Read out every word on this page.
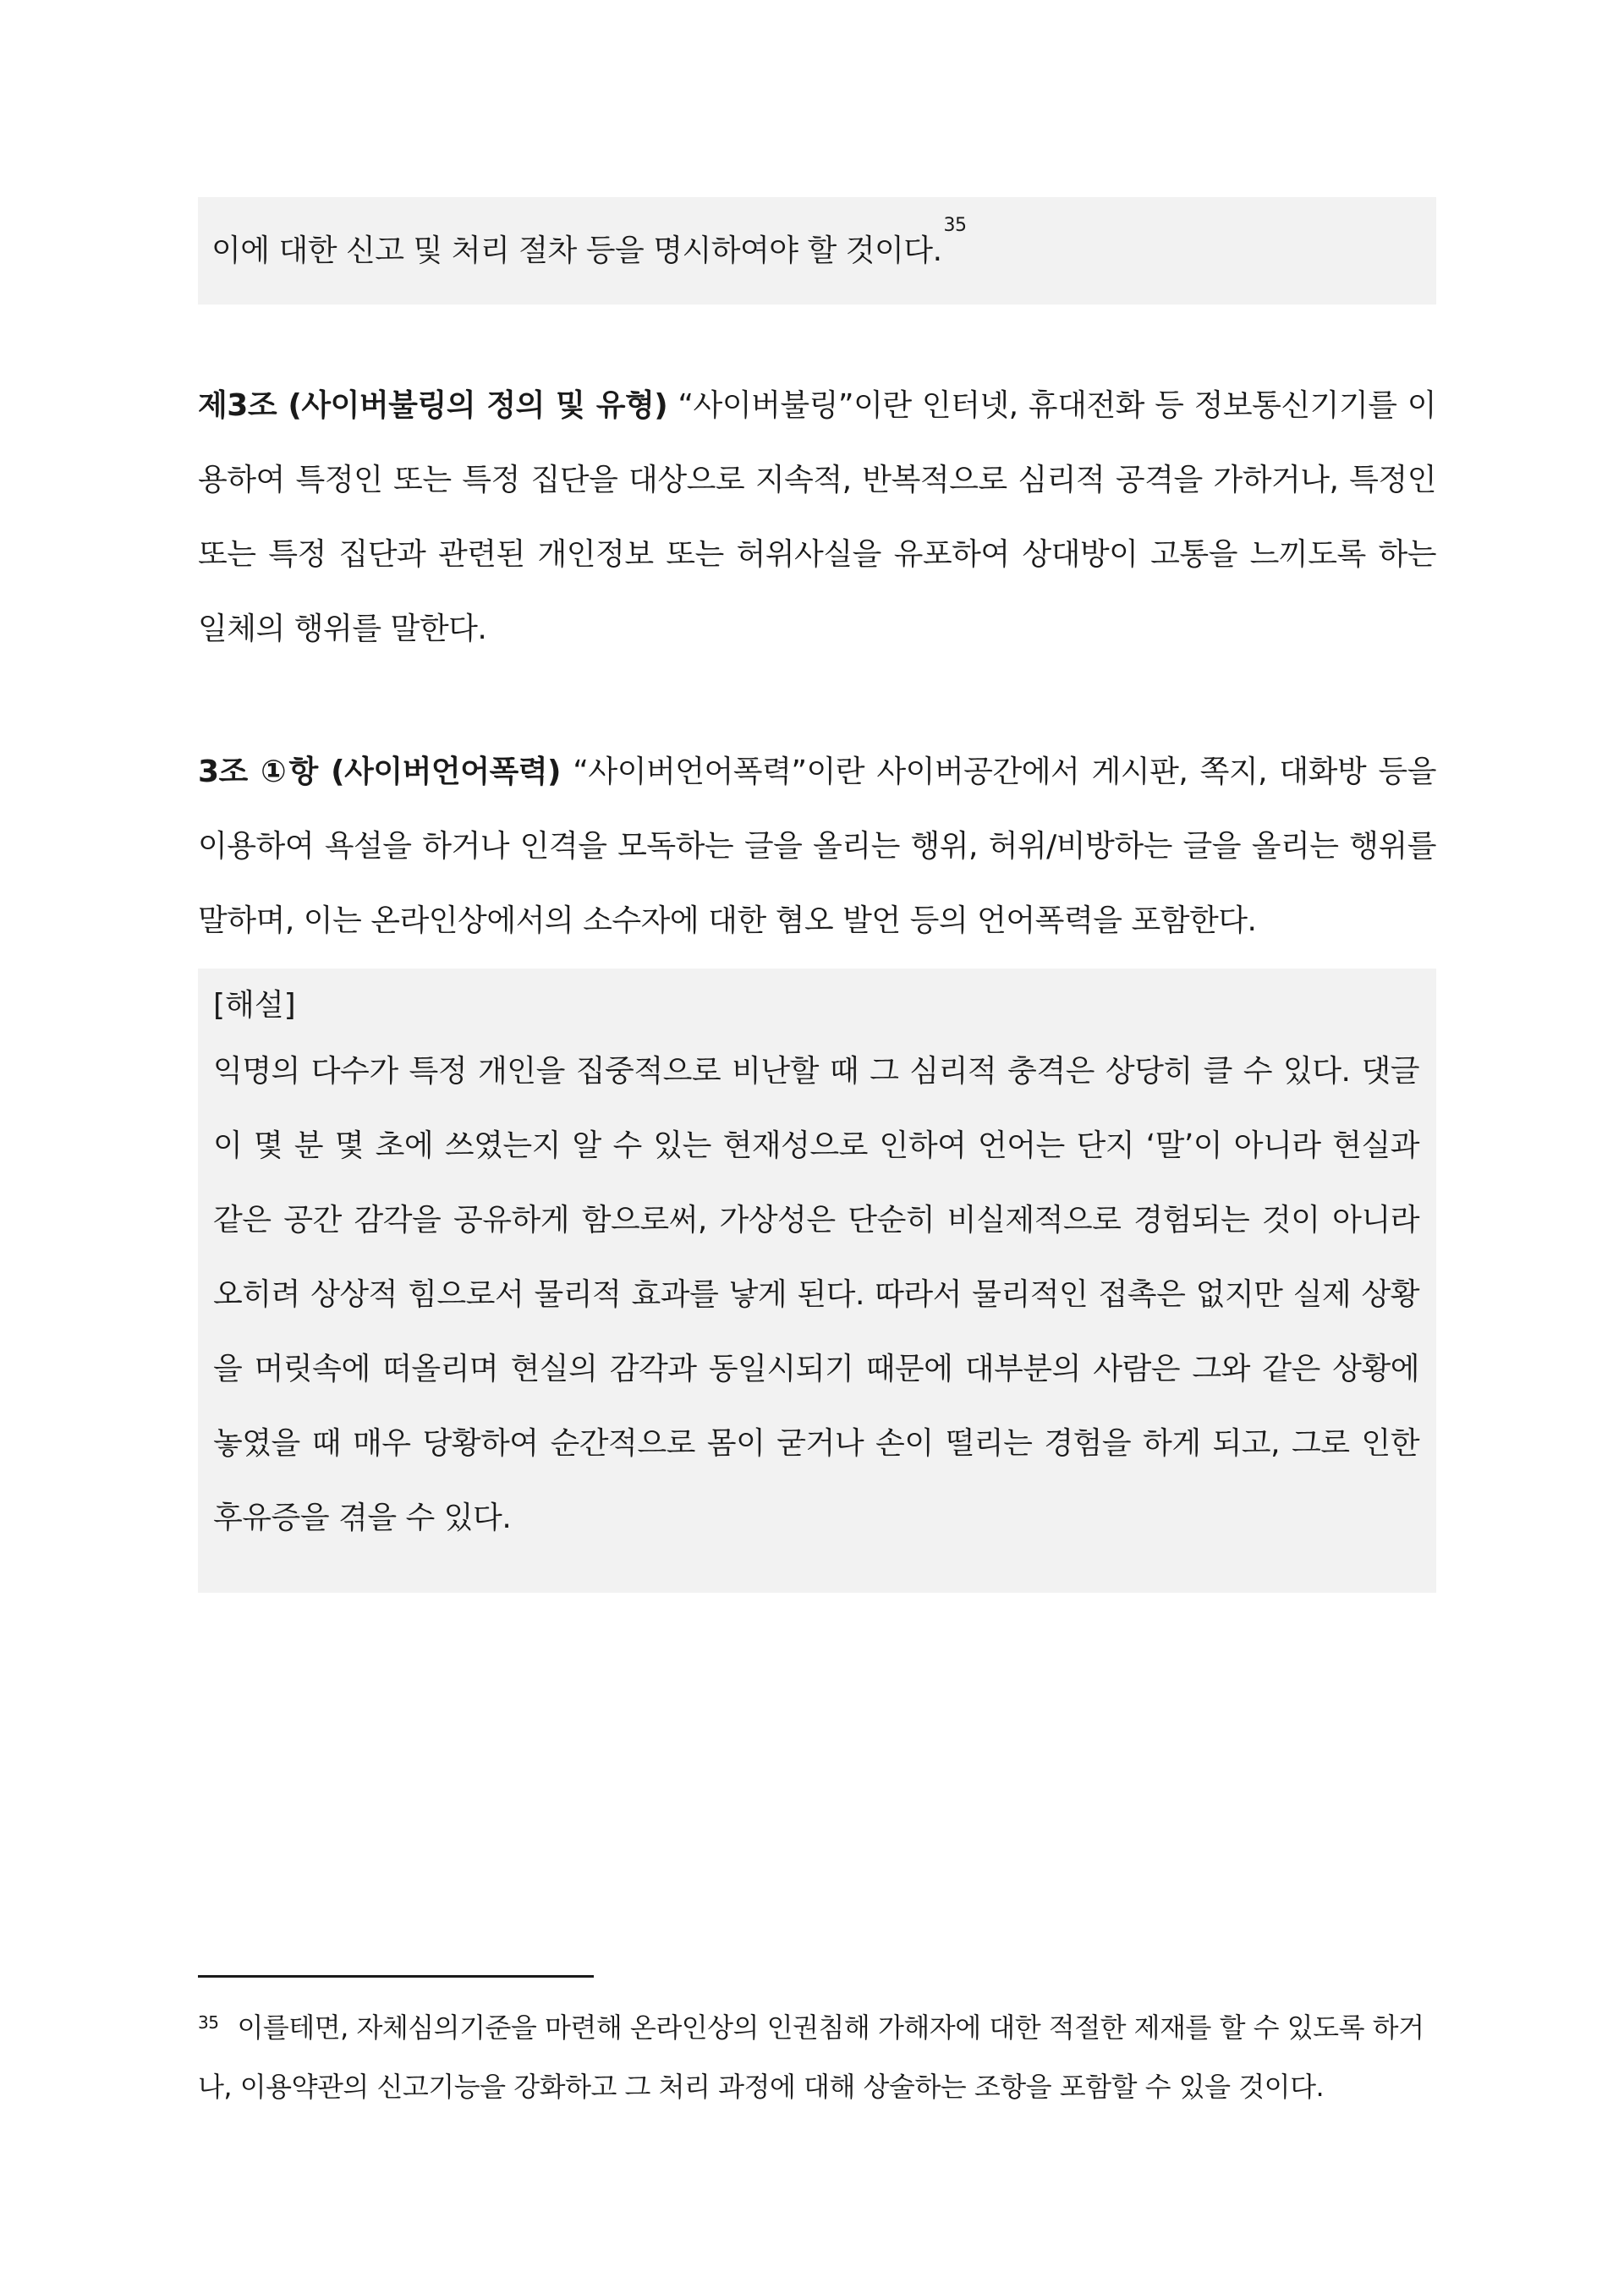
이에 대한 신고 및 처리 절차 등을 명시하여야 할 것이다.$^{35}$

제3조 (사이버불링의 정의 및 유형) “사이버불링”이란 인터넷, 휴대전화 등 정보통신기기를 이용하여 특정인 또는 특정 집단을 대상으로 지속적, 반복적으로 심리적 공격을 가하거나, 특정인 또는 특정 집단과 관련된 개인정보 또는 허위사실을 유포하여 상대방이 고통을 느끼도록 하는 일체의 행위를 말한다.

3조 ①항 (사이버언어폭력) “사이버언어폭력”이란 사이버공간에서 게시판, 쪽지, 대화방 등을 이용하여 욕설을 하거나 인격을 모독하는 글을 올리는 행위, 허위/비방하는 글을 올리는 행위를 말하며, 이는 온라인상에서의 소수자에 대한 혐오 발언 등의 언어폭력을 포함한다.

[해설]

익명의 다수가 특정 개인을 집중적으로 비난할 때 그 심리적 충격은 상당히 클 수 있다. 댓글이 몇 분 몇 초에 쓰였는지 알 수 있는 현재성으로 인하여 언어는 단지 ‘말’이 아니라 현실과 같은 공간 감각을 공유하게 함으로써, 가상성은 단순히 비실제적으로 경험되는 것이 아니라 오히려 상상적 힘으로서 물리적 효과를 낳게 된다. 따라서 물리적인 접촉은 없지만 실제 상황을 머릿속에 떠올리며 현실의 감각과 동일시되기 때문에 대부분의 사람은 그와 같은 상황에 놓였을 때 매우 당황하여 순간적으로 몸이 굳거나 손이 떨리는 경험을 하게 되고, 그로 인한 후유증을 겪을 수 있다.

$^{35}$ 이를테면, 자체심의기준을 마련해 온라인상의 인권침해 가해자에 대한 적절한 제재를 할 수 있도록 하거나, 이용약관의 신고기능을 강화하고 그 처리 과정에 대해 상술하는 조항을 포함할 수 있을 것이다.
